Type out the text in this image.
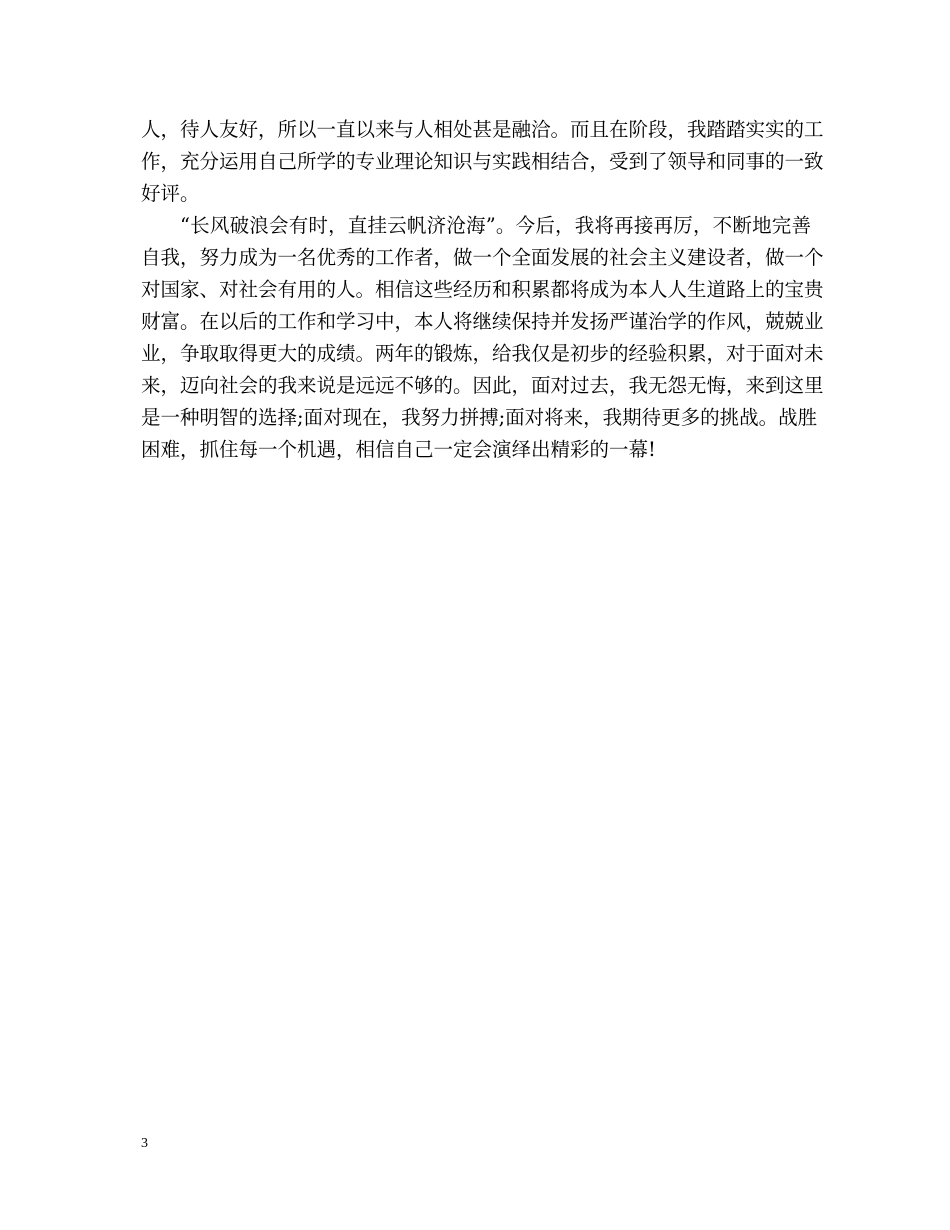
人，待人友好，所以一直以来与人相处甚是融洽。而且在阶段，我踏踏实实的工
作，充分运用自己所学的专业理论知识与实践相结合，受到了领导和同事的一致
好评。
“长风破浪会有时，直挂云帆济沧海”。今后，我将再接再厉，不断地完善
自我，努力成为一名优秀的工作者，做一个全面发展的社会主义建设者，做一个
对国家、对社会有用的人。相信这些经历和积累都将成为本人人生道路上的宝贵
财富。在以后的工作和学习中，本人将继续保持并发扬严谨治学的作风，兢兢业
业，争取取得更大的成绩。两年的锻炼，给我仅是初步的经验积累，对于面对未
来，迈向社会的我来说是远远不够的。因此，面对过去，我无怨无悔，来到这里
是一种明智的选择;面对现在，我努力拼搏;面对将来，我期待更多的挑战。战胜
困难，抓住每一个机遇，相信自己一定会演绎出精彩的一幕!
3
